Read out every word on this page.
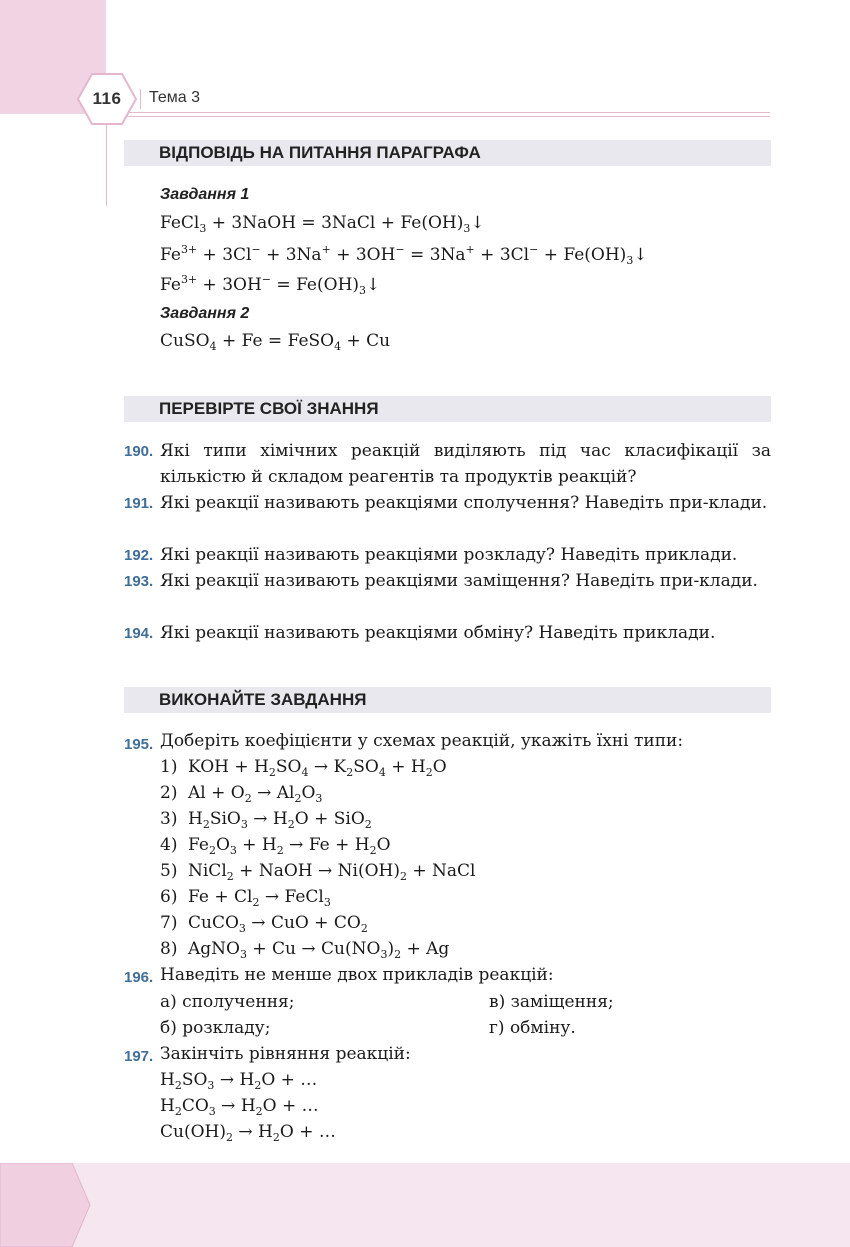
116	Тема 3
ВІДПОВІДЬ НА ПИТАННЯ ПАРАГРАФА
Завдання 1
FeCl$_3$ + 3NaOH = 3NaCl + $Fe(OH)_3↓$
$Fe^{3+} + 3Cl^- + 3Na^+ + 3OH^- = 3Na^+ + 3Cl^-$ + $Fe(OH)_3↓$
$Fe^{3+} + 3OH^-$ = $Fe(OH)_3↓$
Завдання 2
CuSO$_4$ + Fe = FeSO$_4$ + Cu
ПЕРЕВІРТЕ СВОЇ ЗНАННЯ
190. Які типи хімічних реакцій виділяють під час класифікації за кількістю й складом реагентів та продуктів реакцій?
191. Які реакції називають реакціями сполучення? Наведіть при-клади.
192. Які реакції називають реакціями розкладу? Наведіть приклади.
193. Які реакції називають реакціями заміщення? Наведіть при-клади.
194. Які реакції називають реакціями обміну? Наведіть приклади.
ВИКОНАЙТЕ ЗАВДАННЯ
195. Доберіть коефіцієнти у схемах реакцій, укажіть їхні типи:
1) KOH + $H_2SO_4 \to K_2SO_4 + H_2O$
2) $Al + O_2 \to Al_2O_3$
3) $H_2SiO_3 \to H_2O + SiO_2$
4) $Fe_2O_3 + H_2 \to Fe + H_2O$
5) NiCl$_2$ + NaOH → $Ni(OH)_2$ + NaCl
6) $Fe + Cl_2$ → FeCl$_3$
7) CuCO$_3$ → CuO + $CO_2$
8) AgNO$_3$ + $Cu \to Cu(NO_3)_2 + Ag$
196. Наведіть не менше двох прикладів реакцій:
а) сполучення;
б) розкладу;
в) заміщення;
г) обміну.
197. Закінчіть рівняння реакцій:
$H_2SO_3 \to H_2O$ + …
$H_2CO_3 \to H_2O$ + …
$Cu(OH)_2 \to H_2O$ + …
